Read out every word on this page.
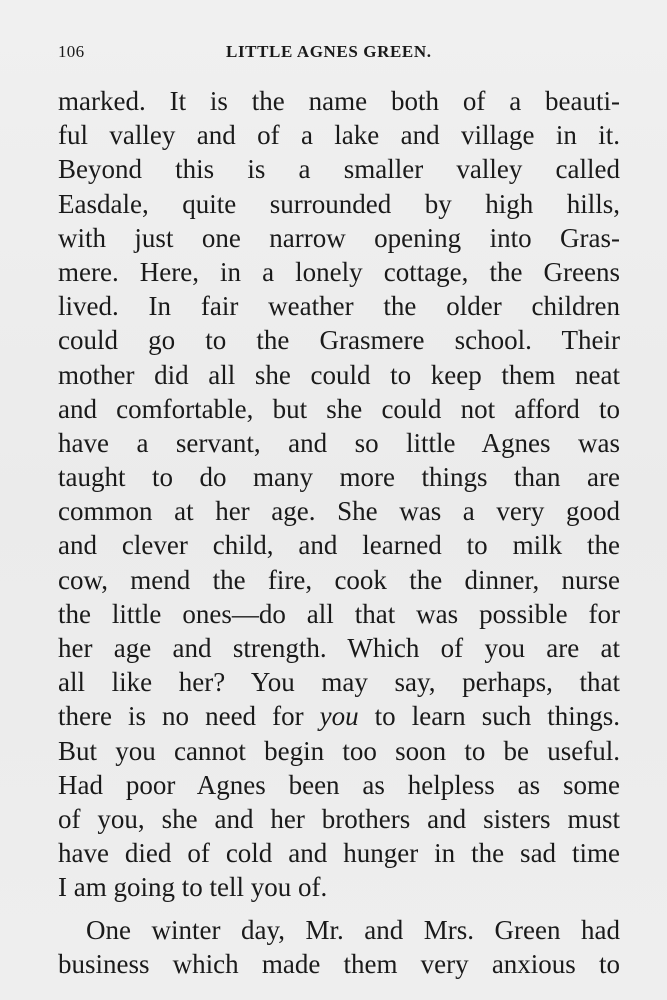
106	LITTLE AGNES GREEN.
marked. It is the name both of a beauti-
ful valley and of a lake and village in it.
Beyond this is a smaller valley called
Easdale, quite surrounded by high hills,
with just one narrow opening into Gras-
mere. Here, in a lonely cottage, the Greens
lived. In fair weather the older children
could go to the Grasmere school. Their
mother did all she could to keep them neat
and comfortable, but she could not afford to
have a servant, and so little Agnes was
taught to do many more things than are
common at her age. She was a very good
and clever child, and learned to milk the
cow, mend the fire, cook the dinner, nurse
the little ones—do all that was possible for
her age and strength. Which of you are at
all like her? You may say, perhaps, that
there is no need for you to learn such things.
But you cannot begin too soon to be useful.
Had poor Agnes been as helpless as some
of you, she and her brothers and sisters must
have died of cold and hunger in the sad time
I am going to tell you of.
One winter day, Mr. and Mrs. Green had
business which made them very anxious to
